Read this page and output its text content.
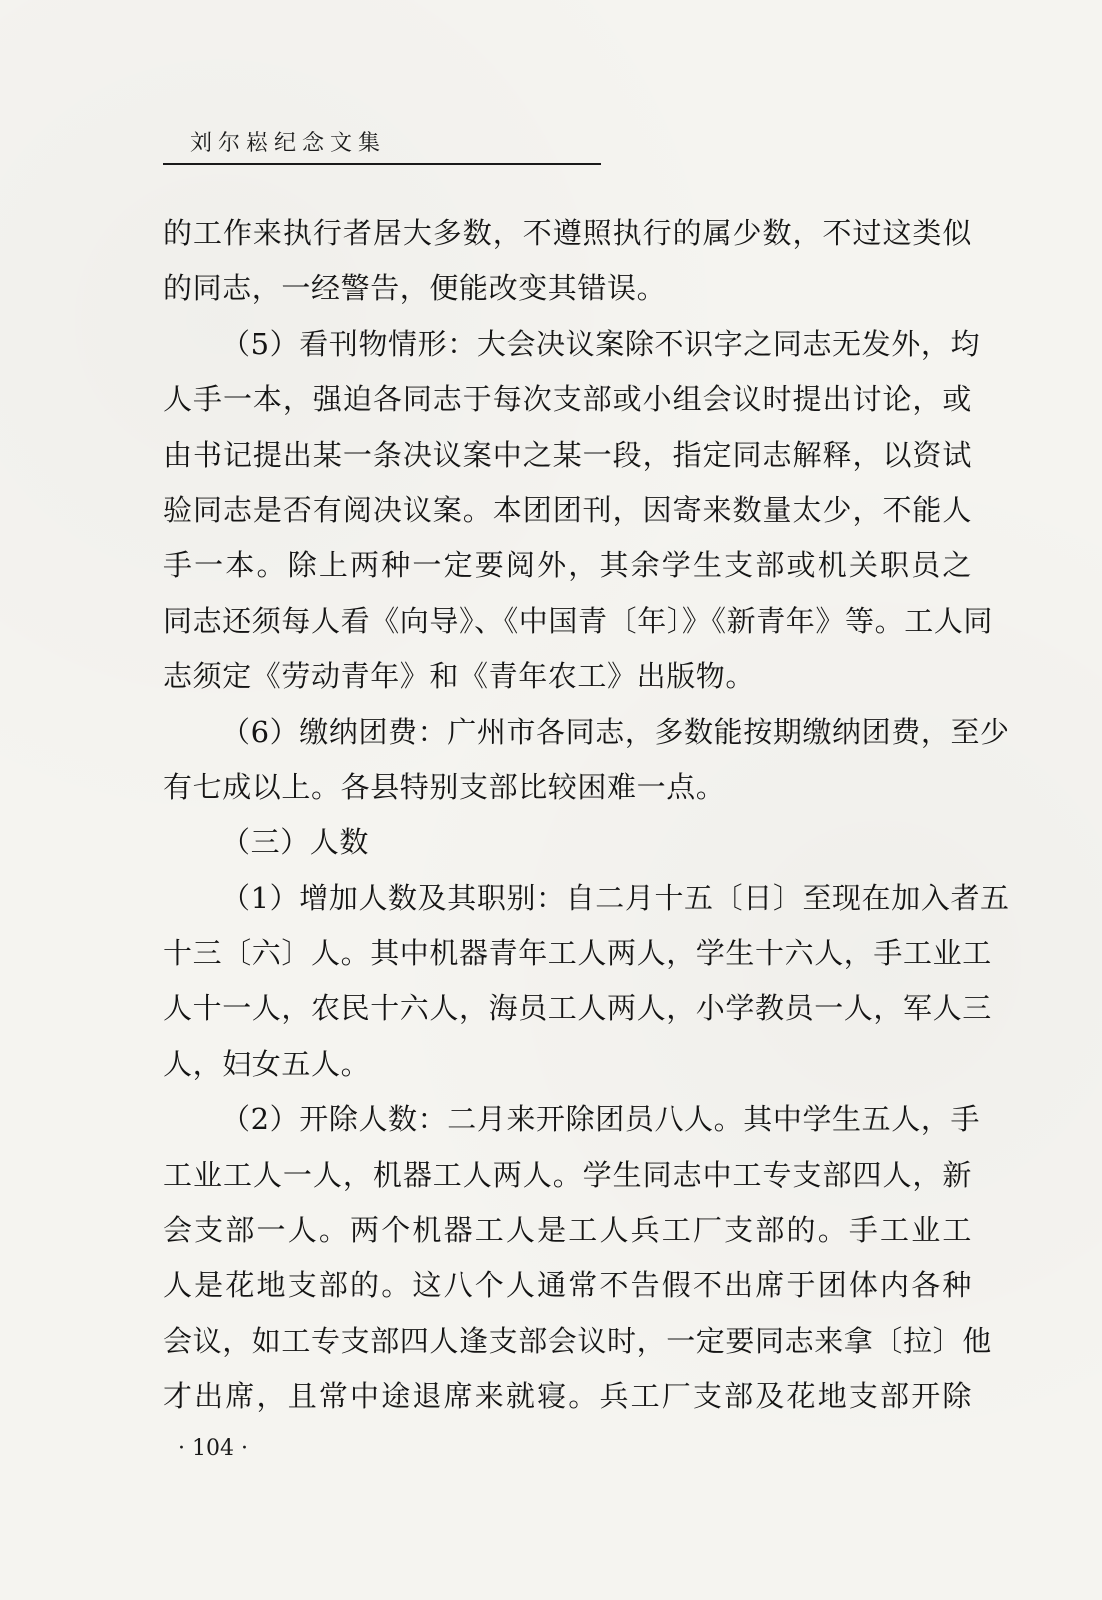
刘尔崧纪念文集
的工作来执行者居大多数，不遵照执行的属少数，不过这类似
的同志，一经警告，便能改变其错误。
（5）看刊物情形：大会决议案除不识字之同志无发外，均
人手一本，强迫各同志于每次支部或小组会议时提出讨论，或
由书记提出某一条决议案中之某一段，指定同志解释，以资试
验同志是否有阅决议案。本团团刊，因寄来数量太少，不能人
手一本。除上两种一定要阅外，其余学生支部或机关职员之
同志还须每人看《向导》、《中国青〔年〕》《新青年》等。工人同
志须定《劳动青年》和《青年农工》出版物。
（6）缴纳团费：广州市各同志，多数能按期缴纳团费，至少
有七成以上。各县特别支部比较困难一点。
（三）人数
（1）增加人数及其职别：自二月十五〔日〕至现在加入者五
十三〔六〕人。其中机器青年工人两人，学生十六人，手工业工
人十一人，农民十六人，海员工人两人，小学教员一人，军人三
人，妇女五人。
（2）开除人数：二月来开除团员八人。其中学生五人，手
工业工人一人，机器工人两人。学生同志中工专支部四人，新
会支部一人。两个机器工人是工人兵工厂支部的。手工业工
人是花地支部的。这八个人通常不告假不出席于团体内各种
会议，如工专支部四人逢支部会议时，一定要同志来拿〔拉〕他
才出席，且常中途退席来就寝。兵工厂支部及花地支部开除
· 104 ·
